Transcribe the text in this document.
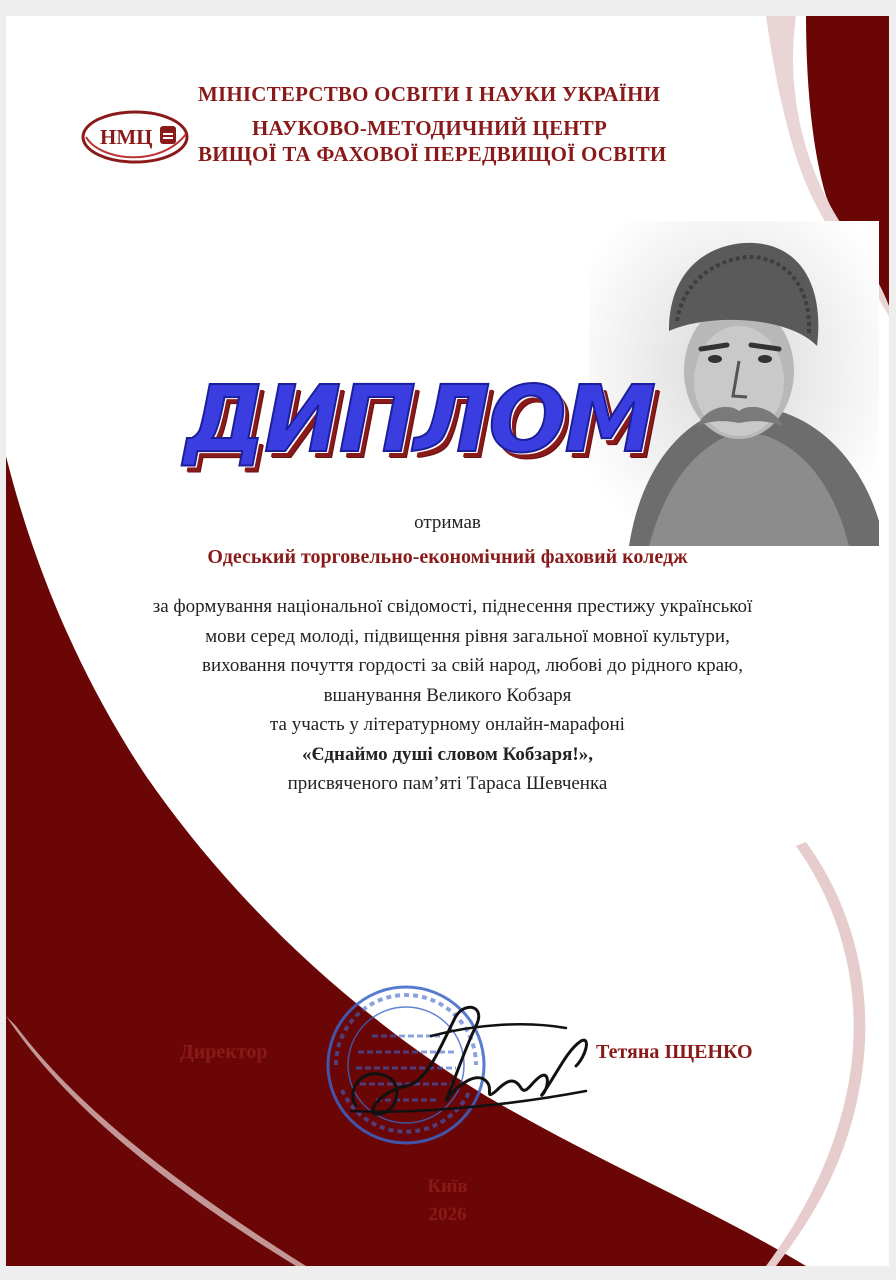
НМЦ
МІНІСТЕРСТВО ОСВІТИ І НАУКИ УКРАЇНИ
НАУКОВО-МЕТОДИЧНИЙ ЦЕНТР
ВИЩОЇ ТА ФАХОВОЇ ПЕРЕДВИЩОЇ ОСВІТИ
ДИПЛОМ
отримав
Одеський торговельно-економічний фаховий коледж
за формування національної свідомості, піднесення престижу української
мови серед молоді, підвищення рівня загальної мовної культури,
виховання почуття гордості за свій народ, любові до рідного краю,
вшанування Великого Кобзаря
та участь у літературному онлайн-марафоні
«Єднаймо душі словом Кобзаря!»,
присвяченого пам’яті Тараса Шевченка
Директор	Тетяна ІЩЕНКО
Київ
2026
